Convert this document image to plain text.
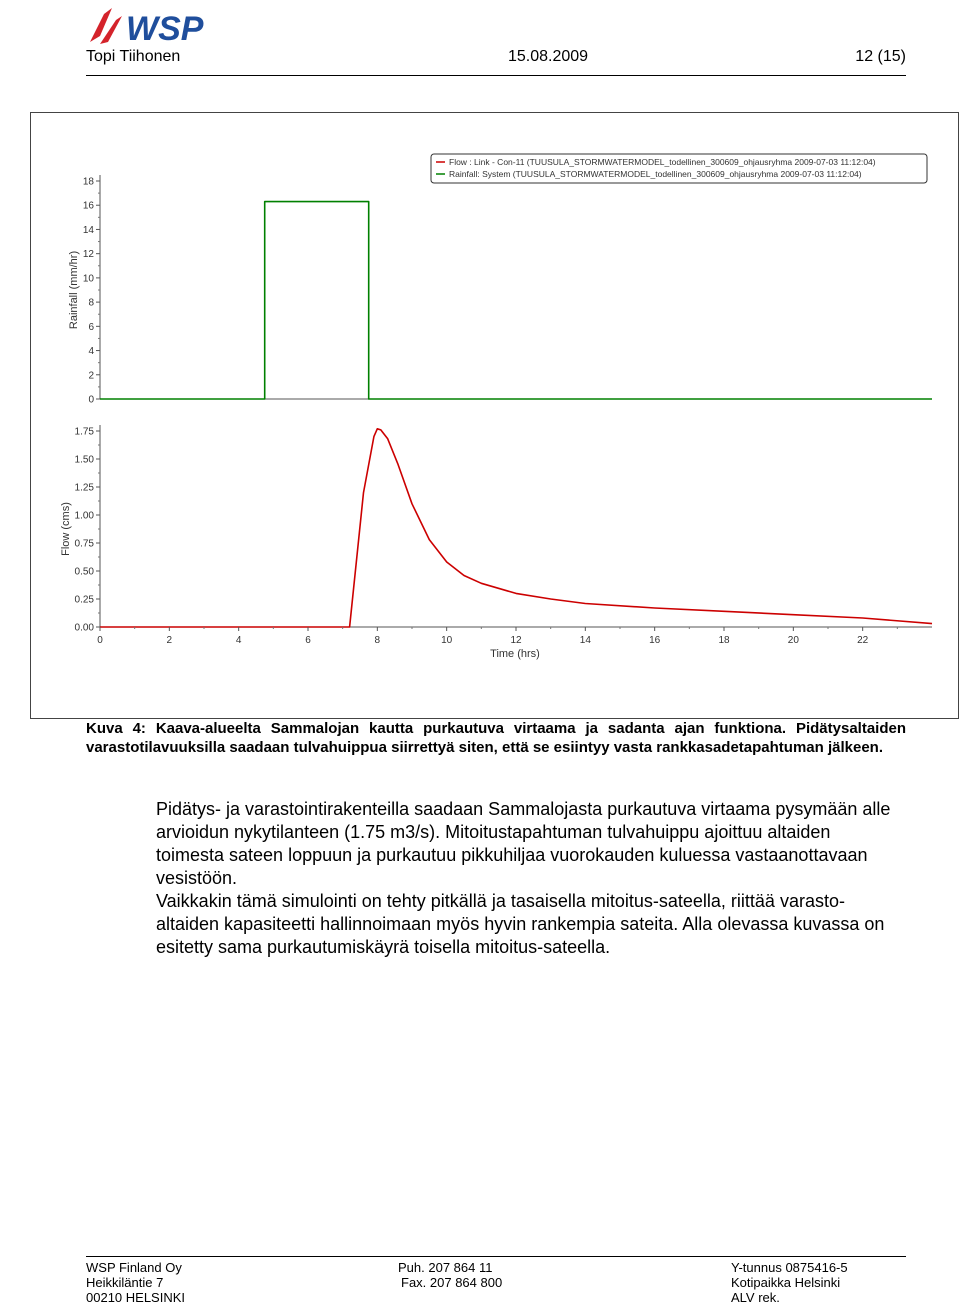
WSP
Topi Tiihonen	15.08.2009	12 (15)
Flow : Link - Con-11 (TUUSULA_STORMWATERMODEL_todellinen_300609_ohjausryhma 2009-07-03 11:12:04)
Rainfall: System (TUUSULA_STORMWATERMODEL_todellinen_300609_ohjausryhma 2009-07-03 11:12:04)
0
2
4
6
8
10
12
14
16
18
Rainfall (mm/hr)
0.00
0.25
0.50
0.75
1.00
1.25
1.50
1.75
Flow (cms)
0	2	4	6	8	10	12	14	16	18	20	22
Time (hrs)
Kuva 4: Kaava-alueelta Sammalojan kautta purkautuva virtaama ja sadanta ajan funktiona. Pidätysaltaiden varastotilavuuksilla saadaan tulvahuippua siirrettyä siten, että se esiintyy vasta rankkasadetapahtuman jälkeen.

Pidätys- ja varastointirakenteilla saadaan Sammalojasta purkautuva virtaama pysymään alle arvioidun nykytilanteen (1.75 m3/s). Mitoitustapahtuman tulvahuippu ajoittuu altaiden toimesta sateen loppuun ja purkautuu pikkuhiljaa vuorokauden kuluessa vastaanottavaan vesistöön.

Vaikkakin tämä simulointi on tehty pitkällä ja tasaisella mitoitus-sateella, riittää varasto-altaiden kapasiteetti hallinnoimaan myös hyvin rankempia sateita. Alla olevassa kuvassa on esitetty sama purkautumiskäyrä toisella mitoitus-sateella.

WSP Finland Oy
Heikkiläntie 7
00210 HELSINKI
Puh. 207 864 11
Fax. 207 864 800
Y-tunnus 0875416-5
Kotipaikka Helsinki
ALV rek.
